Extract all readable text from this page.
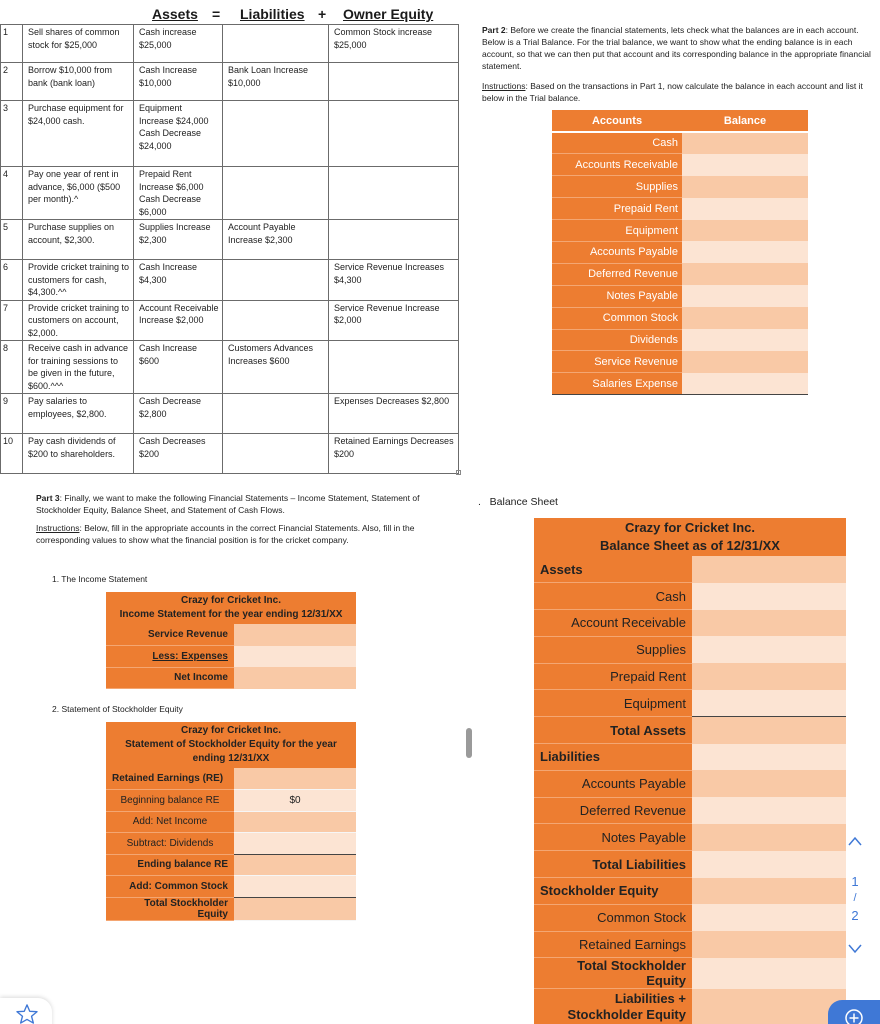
Assets = Liabilities + Owner Equity
1	Sell shares of common stock for $25,000	Cash increase $25,000		Common Stock increase $25,000
2	Borrow $10,000 from bank (bank loan)	Cash Increase $10,000	Bank Loan Increase $10,000	
3	Purchase equipment for $24,000 cash.	Equipment Increase $24,000 Cash Decrease $24,000		
4	Pay one year of rent in advance, $6,000 ($500 per month).^	Prepaid Rent Increase $6,000 Cash Decrease $6,000		
5	Purchase supplies on account, $2,300.	Supplies Increase $2,300	Account Payable Increase $2,300	
6	Provide cricket training to customers for cash, $4,300.^^	Cash Increase $4,300		Service Revenue Increases $4,300
7	Provide cricket training to customers on account, $2,000.	Account Receivable Increase $2,000		Service Revenue Increase $2,000
8	Receive cash in advance for training sessions to be given in the future, $600.^^^	Cash Increase $600	Customers Advances Increases $600	
9	Pay salaries to employees, $2,800.	Cash Decrease $2,800		Expenses Decreases $2,800
10	Pay cash dividends of $200 to shareholders.	Cash Decreases $200		Retained Earnings Decreases $200

Part 2: Before we create the financial statements, lets check what the balances are in each account. Below is a Trial Balance. For the trial balance, we want to show what the ending balance is in each account, so that we can then put that account and its corresponding balance in the appropriate financial statement.

Instructions: Based on the transactions in Part 1, now calculate the balance in each account and list it below in the Trial balance.

Accounts	Balance
Cash	
Accounts Receivable	
Supplies	
Prepaid Rent	
Equipment	
Accounts Payable	
Deferred Revenue	
Notes Payable	
Common Stock	
Dividends	
Service Revenue	
Salaries Expense	

Part 3: Finally, we want to make the following Financial Statements – Income Statement, Statement of Stockholder Equity, Balance Sheet, and Statement of Cash Flows.

Instructions: Below, fill in the appropriate accounts in the correct Financial Statements. Also, fill in the corresponding values to show what the financial position is for the cricket company.

1. The Income Statement
Crazy for Cricket Inc.
Income Statement for the year ending 12/31/XX	

Service Revenue	
Less: Expenses	
Net Income	
2. Statement of Stockholder Equity
Crazy for Cricket Inc.
Statement of Stockholder Equity for the year ending 12/31/XX	

Retained Earnings (RE)	
Beginning balance RE	$0
Add: Net Income	
Subtract: Dividends	
Ending balance RE	
Add: Common Stock	
Total Stockholder Equity	
.   Balance Sheet
Crazy for Cricket Inc.
Balance Sheet as of 12/31/XX	

Assets	
Cash	
Account Receivable	
Supplies	
Prepaid Rent	
Equipment	
Total Assets	
Liabilities	
Accounts Payable	
Deferred Revenue	
Notes Payable	
Total Liabilities	
Stockholder Equity	
Common Stock	
Retained Earnings	
Total Stockholder Equity	
Liabilities + Stockholder Equity	
1
/
2
